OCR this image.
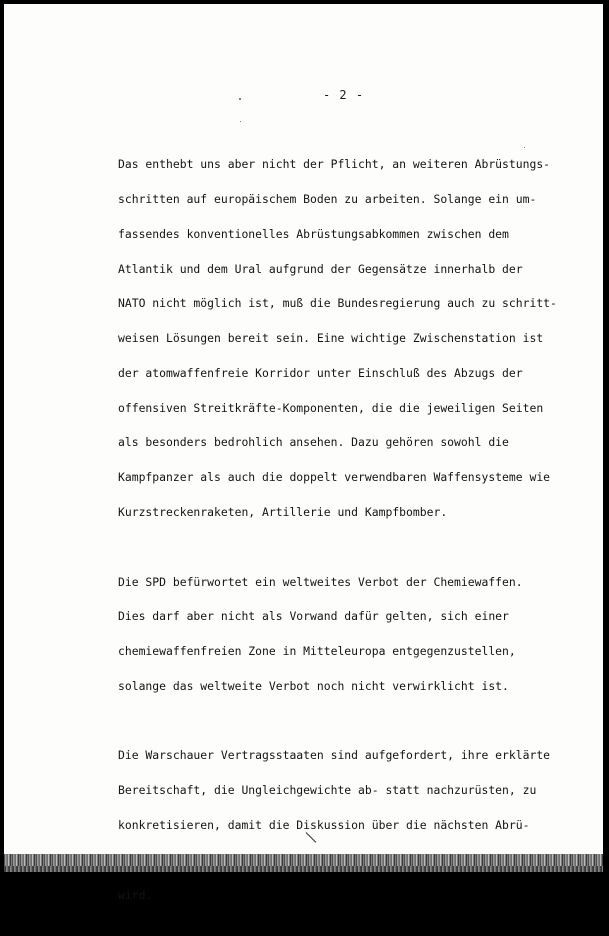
- 2 -

Das enthebt uns aber nicht der Pflicht, an weiteren Abrüstungs-

schritten auf europäischem Boden zu arbeiten. Solange ein um-

fassendes konventionelles Abrüstungsabkommen zwischen dem

Atlantik und dem Ural aufgrund der Gegensätze innerhalb der

NATO nicht möglich ist, muß die Bundesregierung auch zu schritt-

weisen Lösungen bereit sein. Eine wichtige Zwischenstation ist

der atomwaffenfreie Korridor unter Einschluß des Abzugs der

offensiven Streitkräfte-Komponenten, die die jeweiligen Seiten

als besonders bedrohlich ansehen. Dazu gehören sowohl die

Kampfpanzer als auch die doppelt verwendbaren Waffensysteme wie

Kurzstreckenraketen, Artillerie und Kampfbomber.

Die SPD befürwortet ein weltweites Verbot der Chemiewaffen.

Dies darf aber nicht als Vorwand dafür gelten, sich einer

chemiewaffenfreien Zone in Mitteleuropa entgegenzustellen,

solange das weltweite Verbot noch nicht verwirklicht ist.

Die Warschauer Vertragsstaaten sind aufgefordert, ihre erklärte

Bereitschaft, die Ungleichgewichte ab- statt nachzurüsten, zu

konkretisieren, damit die Diskussion über die nächsten Abrü-

wird.
